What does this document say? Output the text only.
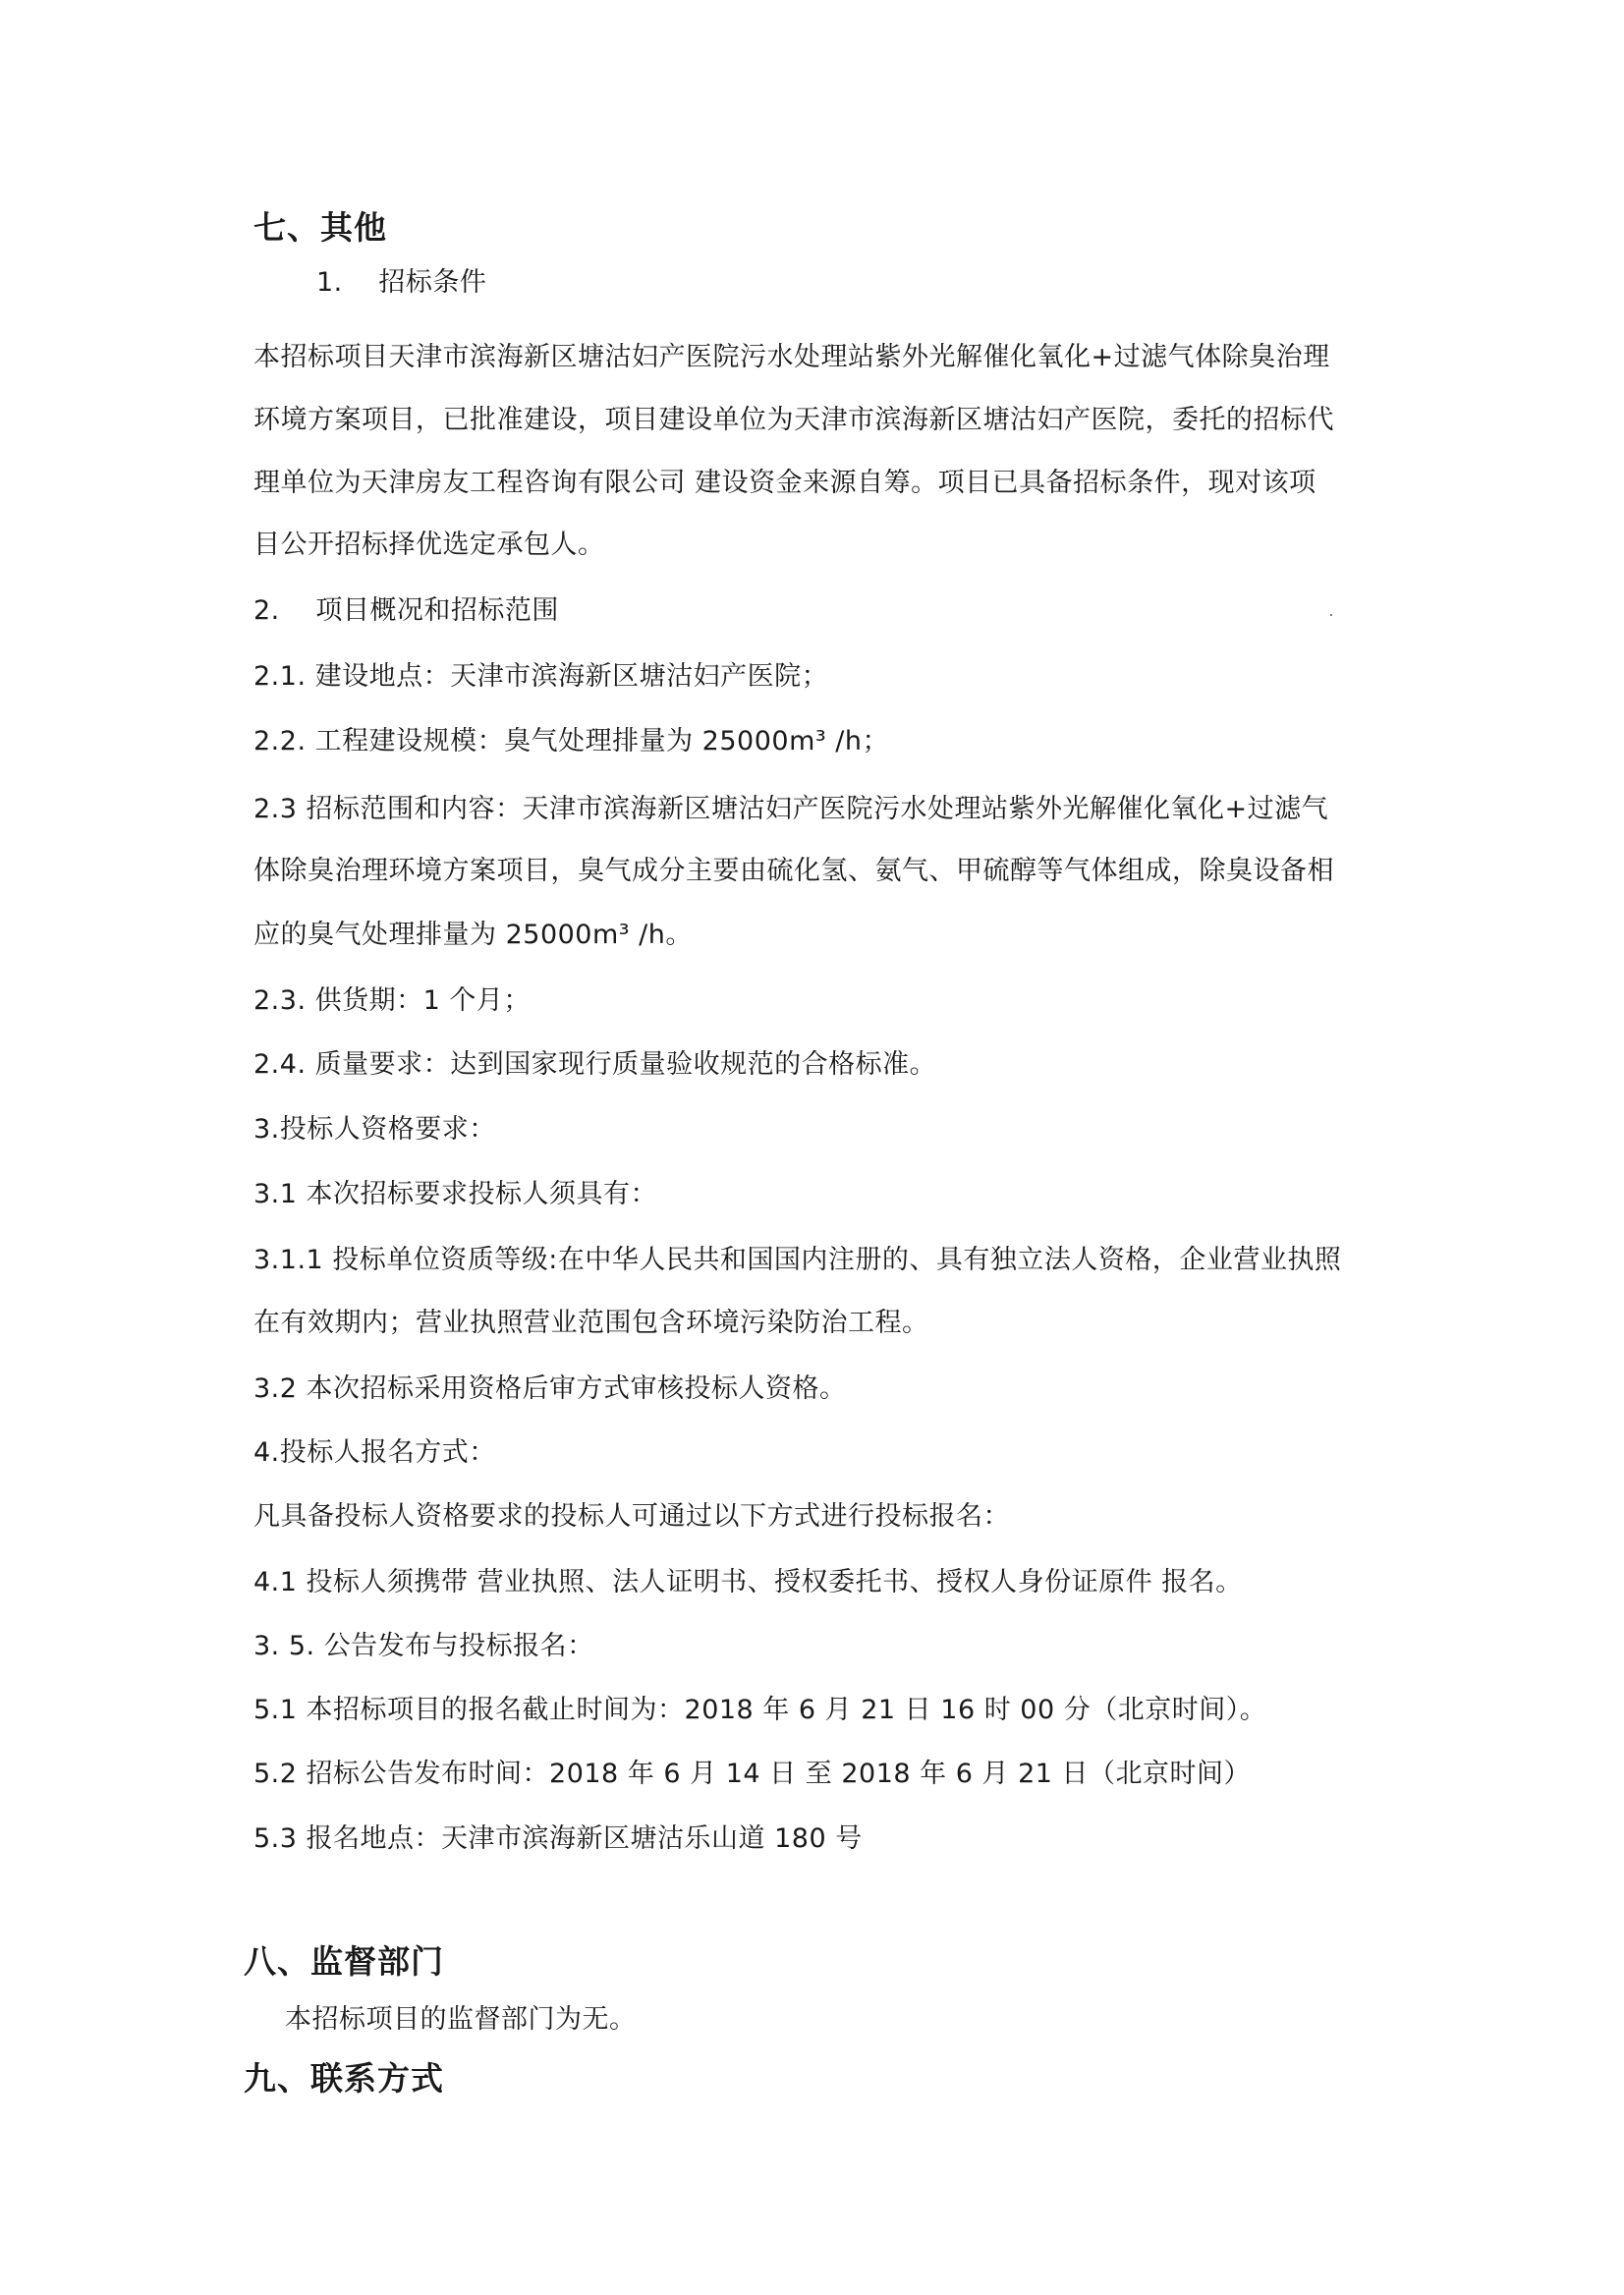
七、其他
1.　 招标条件
本招标项目天津市滨海新区塘沽妇产医院污水处理站紫外光解催化氧化+过滤气体除臭治理
环境方案项目，已批准建设，项目建设单位为天津市滨海新区塘沽妇产医院，委托的招标代
理单位为天津房友工程咨询有限公司 建设资金来源自筹。项目已具备招标条件，现对该项
目公开招标择优选定承包人。
2.　 项目概况和招标范围
2.1. 建设地点：天津市滨海新区塘沽妇产医院；
2.2. 工程建设规模：臭气处理排量为 25000m³ /h；
2.3 招标范围和内容：天津市滨海新区塘沽妇产医院污水处理站紫外光解催化氧化+过滤气
体除臭治理环境方案项目，臭气成分主要由硫化氢、氨气、甲硫醇等气体组成，除臭设备相
应的臭气处理排量为 25000m³ /h。
2.3. 供货期：1 个月；
2.4. 质量要求：达到国家现行质量验收规范的合格标准。
3.投标人资格要求：
3.1 本次招标要求投标人须具有：
3.1.1 投标单位资质等级:在中华人民共和国国内注册的、具有独立法人资格，企业营业执照
在有效期内；营业执照营业范围包含环境污染防治工程。
3.2 本次招标采用资格后审方式审核投标人资格。
4.投标人报名方式：
凡具备投标人资格要求的投标人可通过以下方式进行投标报名：
4.1 投标人须携带 营业执照、法人证明书、授权委托书、授权人身份证原件 报名。
3. 5. 公告发布与投标报名：
5.1 本招标项目的报名截止时间为：2018 年 6 月 21 日 16 时 00 分（北京时间）。
5.2 招标公告发布时间：2018 年 6 月 14 日 至 2018 年 6 月 21 日（北京时间）
5.3 报名地点：天津市滨海新区塘沽乐山道 180 号
八、监督部门
本招标项目的监督部门为无。
九、联系方式
